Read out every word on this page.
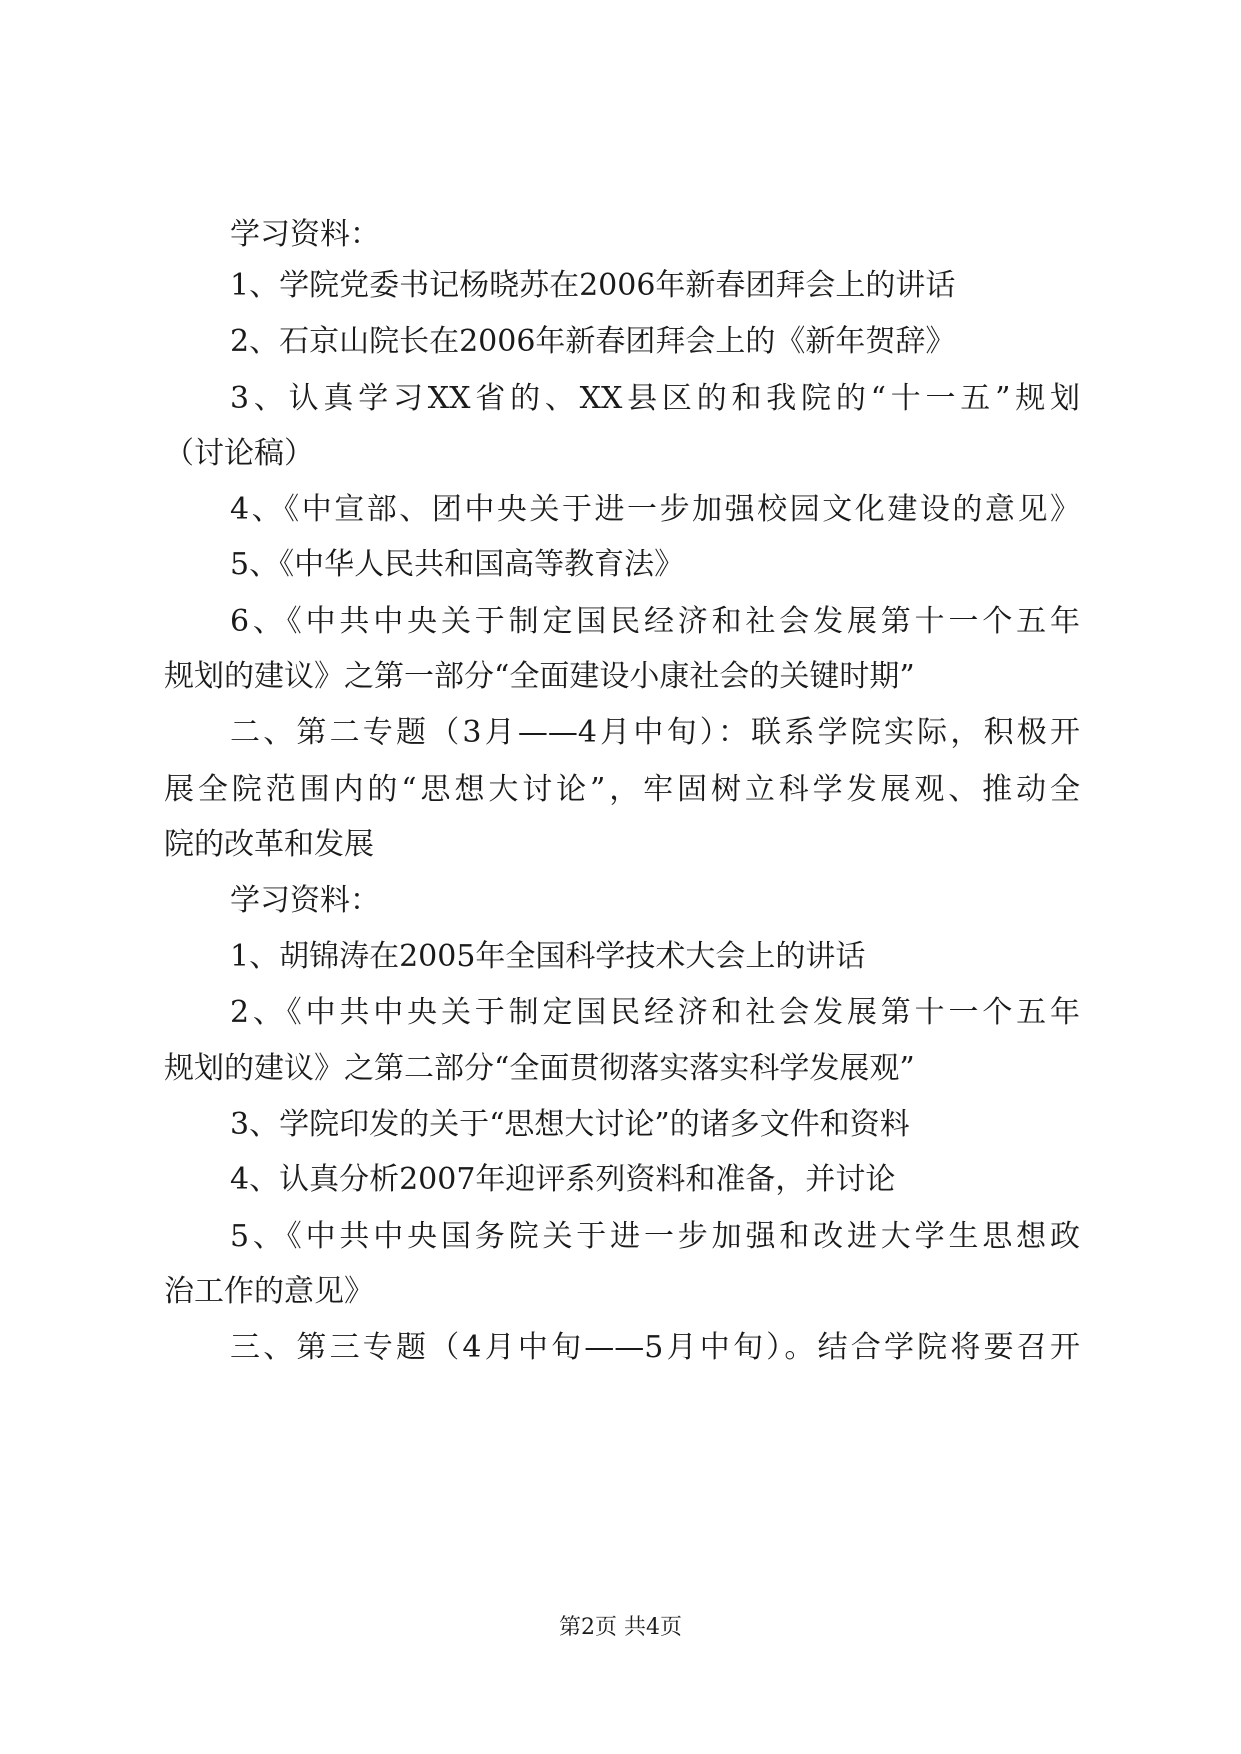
学习资料：
1、学院党委书记杨晓苏在2006年新春团拜会上的讲话
2、石京山院长在2006年新春团拜会上的《新年贺辞》
3、认真学习XX省的、XX县区的和我院的“十一五”规划
（讨论稿）
4、《中宣部、团中央关于进一步加强校园文化建设的意见》
5、《中华人民共和国高等教育法》
6、《中共中央关于制定国民经济和社会发展第十一个五年
规划的建议》之第一部分“全面建设小康社会的关键时期”
二、第二专题（3月——4月中旬）：联系学院实际，积极开
展全院范围内的“思想大讨论”，牢固树立科学发展观、推动全
院的改革和发展
学习资料：
1、胡锦涛在2005年全国科学技术大会上的讲话
2、《中共中央关于制定国民经济和社会发展第十一个五年
规划的建议》之第二部分“全面贯彻落实落实科学发展观”
3、学院印发的关于“思想大讨论”的诸多文件和资料
4、认真分析2007年迎评系列资料和准备，并讨论
5、《中共中央国务院关于进一步加强和改进大学生思想政
治工作的意见》
三、第三专题（4月中旬——5月中旬）。结合学院将要召开
第2页 共4页
